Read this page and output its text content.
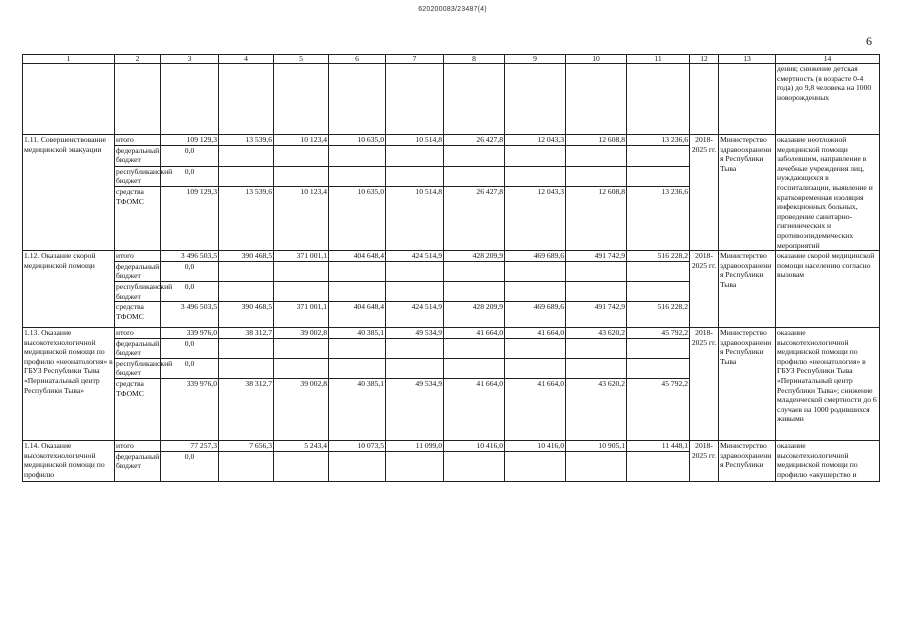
620200083/23487(4)
6
1	2	3	4	5	6	7	8	9	10	11	12	13	14
													дения; снижение детская смертность (в возрасте 0-4 года) до 9,8 человека на 1000 новорожденных
1.11. Совершенствование медицинской эвакуации	итого	109 129,3	13 539,6	10 123,4	10 635,0	10 514,8	26 427,8	12 043,3	12 608,8	13 236,6	2018-2025 гг.	Министерство здравоохранения Республики Тыва	оказание неотложной медицинской помощи заболевшим, направление в лечебные учреждения лиц, нуждающихся в госпитализации, выявление и кратковременная изоляция инфекционных больных, проведение санитарно-гигиенических и противоэпидемических мероприятий
	федеральный бюджет	0,0											
	республиканский бюджет	0,0											
	средства ТФОМС	109 129,3	13 539,6	10 123,4	10 635,0	10 514,8	26 427,8	12 043,3	12 608,8	13 236,6			
1.12. Оказание скорой медицинской помощи	итого	3 496 503,5	390 468,5	371 001,1	404 648,4	424 514,9	428 209,9	469 689,6	491 742,9	516 228,2	2018-2025 гг.	Министерство здравоохранения Республики Тыва	оказание скорой медицинской помощи населению согласно вызовам
	федеральный бюджет	0,0											
	республиканский бюджет	0,0											
	средства ТФОМС	3 496 503,5	390 468,5	371 001,1	404 648,4	424 514,9	428 209,9	469 689,6	491 742,9	516 228,2			
1.13. Оказание высокотехнологичной медицинской помощи по профилю «неонатология» в ГБУЗ Республики Тыва «Перинатальный центр Республики Тыва»	итого	339 976,0	38 312,7	39 002,8	40 385,1	49 534,9	41 664,0	41 664,0	43 620,2	45 792,2	2018-2025 гг.	Министерство здравоохранения Республики Тыва	оказание высокотехнологичной медицинской помощи по профилю «неонатология» в ГБУЗ Республики Тыва «Перинатальный центр Республики Тыва»; снижение младенческой смертности до 6 случаев на 1000 родившихся живыми
	федеральный бюджет	0,0											
	республиканский бюджет	0,0											
	средства ТФОМС	339 976,0	38 312,7	39 002,8	40 385,1	49 534,9	41 664,0	41 664,0	43 620,2	45 792,2			
1.14. Оказание высокотехнологичной медицинской помощи по профилю	итого	77 257,3	7 656,3	5 243,4	10 073,5	11 099,0	10 416,0	10 416,0	10 905,1	11 448,1	2018-2025 гг.	Министерство здравоохранения Республики	оказание высокотехнологичной медицинской помощи по профилю «акушерство и
	федеральный бюджет	0,0											
